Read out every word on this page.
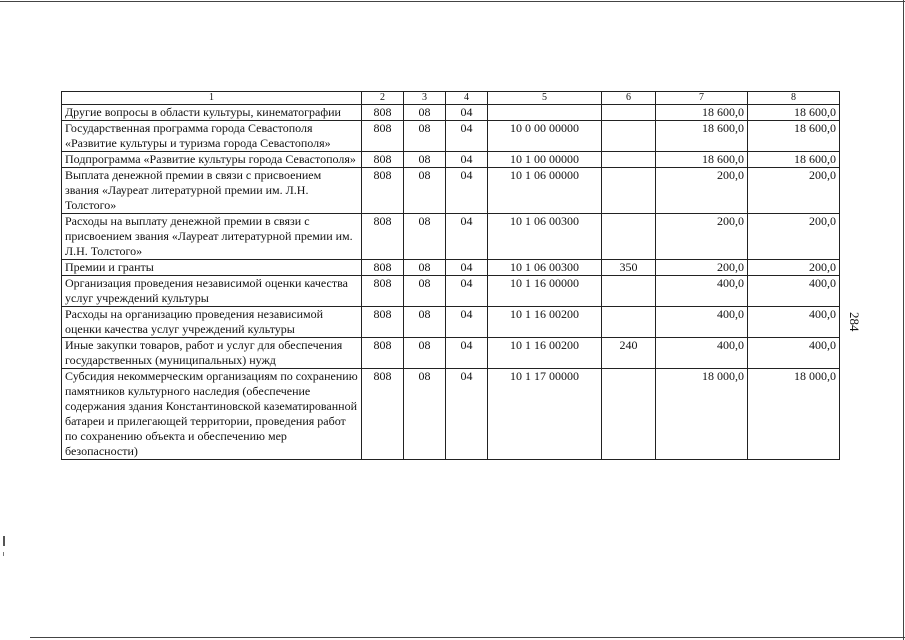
284
1	2	3	4	5	6	7	8
Другие вопросы в области культуры, кинематографии	808	08	04			18 600,0	18 600,0
Государственная программа города Севастополя «Развитие культуры и туризма города Севастополя»	808	08	04	10 0 00 00000		18 600,0	18 600,0
Подпрограмма «Развитие культуры города Севастополя»	808	08	04	10 1 00 00000		18 600,0	18 600,0
Выплата денежной премии в связи с присвоением звания «Лауреат литературной премии им. Л.Н. Толстого»	808	08	04	10 1 06 00000		200,0	200,0
Расходы на выплату денежной премии в связи с присвоением звания «Лауреат литературной премии им. Л.Н. Толстого»	808	08	04	10 1 06 00300		200,0	200,0
Премии и гранты	808	08	04	10 1 06 00300	350	200,0	200,0
Организация проведения независимой оценки качества услуг учреждений культуры	808	08	04	10 1 16 00000		400,0	400,0
Расходы на организацию проведения независимой оценки качества услуг учреждений культуры	808	08	04	10 1 16 00200		400,0	400,0
Иные закупки товаров, работ и услуг для обеспечения государственных (муниципальных) нужд	808	08	04	10 1 16 00200	240	400,0	400,0
Субсидия некоммерческим организациям по сохранению памятников культурного наследия (обеспечение содержания здания Константиновской казематированной батареи и прилегающей территории, проведения работ по сохранению объекта и обеспечению мер безопасности)	808	08	04	10 1 17 00000		18 000,0	18 000,0
